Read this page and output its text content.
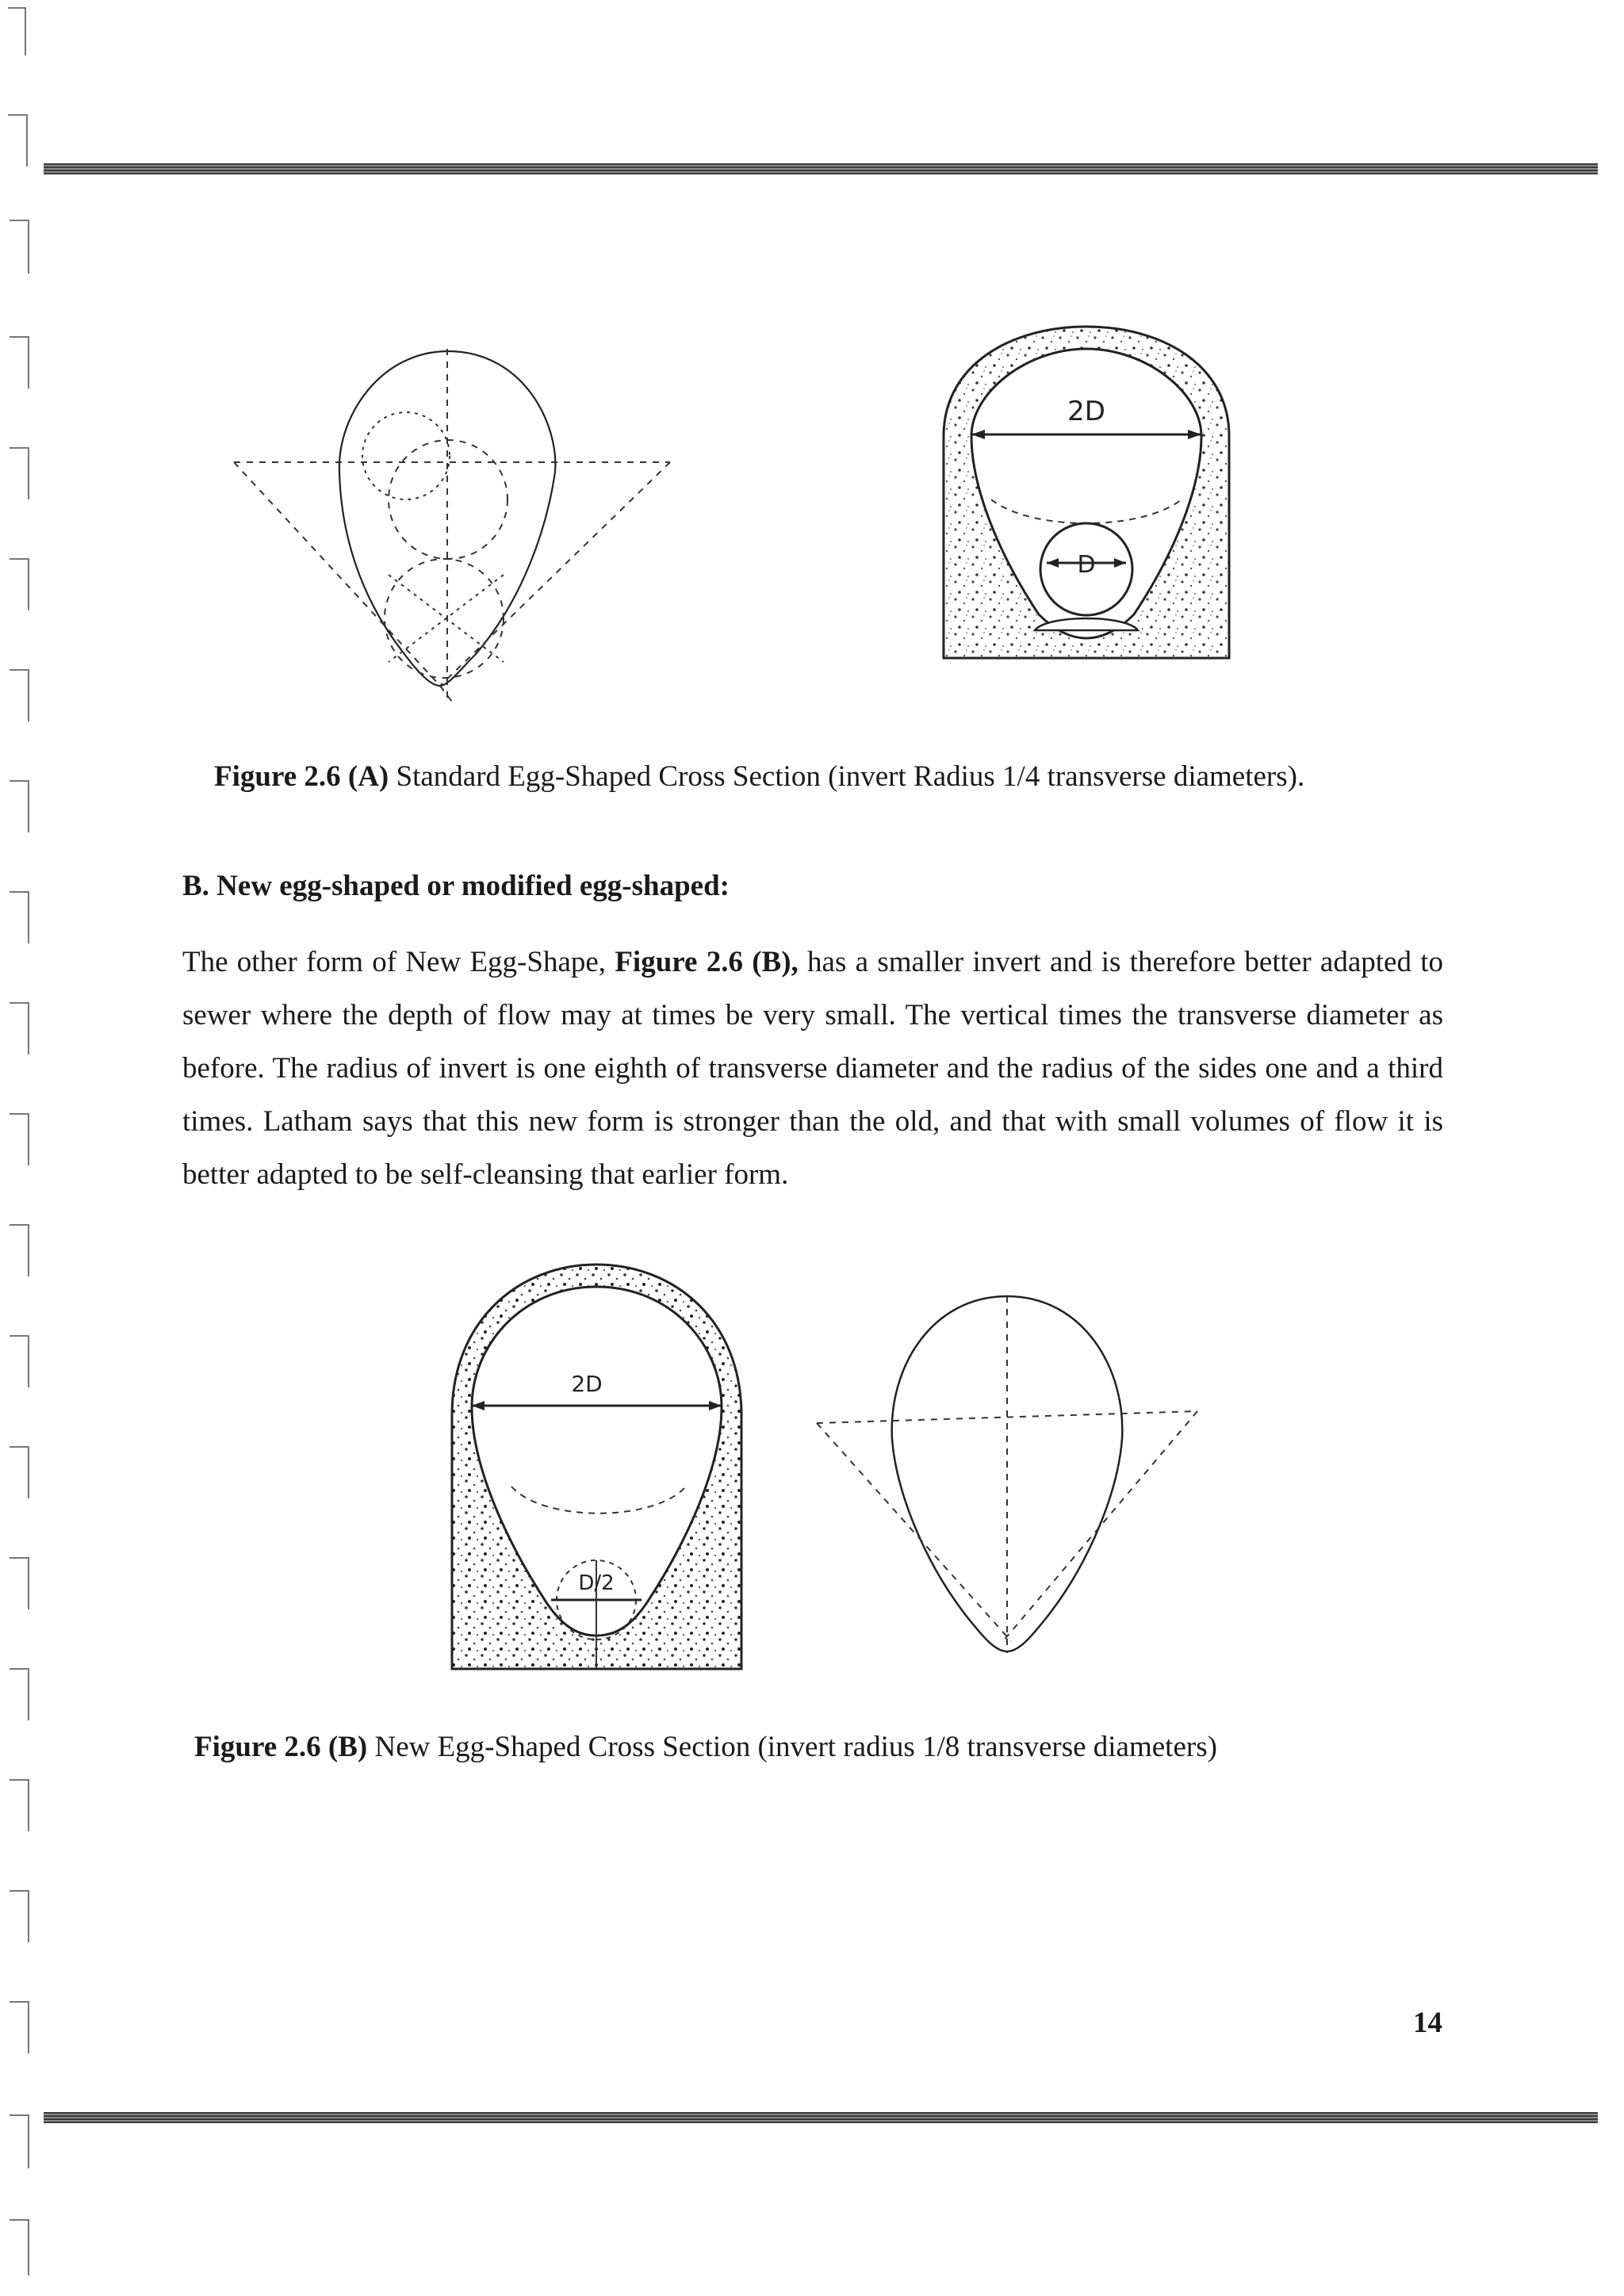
2D
D
Figure 2.6 (A) Standard Egg-Shaped Cross Section (invert Radius 1/4 transverse diameters).
B. New egg-shaped or modified egg-shaped:
The other form of New Egg-Shape, Figure 2.6 (B), has a smaller invert and is therefore better adapted to sewer where the depth of flow may at times be very small. The vertical times the transverse diameter as before. The radius of invert is one eighth of transverse diameter and the radius of the sides one and a third times. Latham says that this new form is stronger than the old, and that with small volumes of flow it is better adapted to be self-cleansing that earlier form.
2D
D/2
Figure 2.6 (B) New Egg-Shaped Cross Section (invert radius 1/8 transverse diameters)
14
